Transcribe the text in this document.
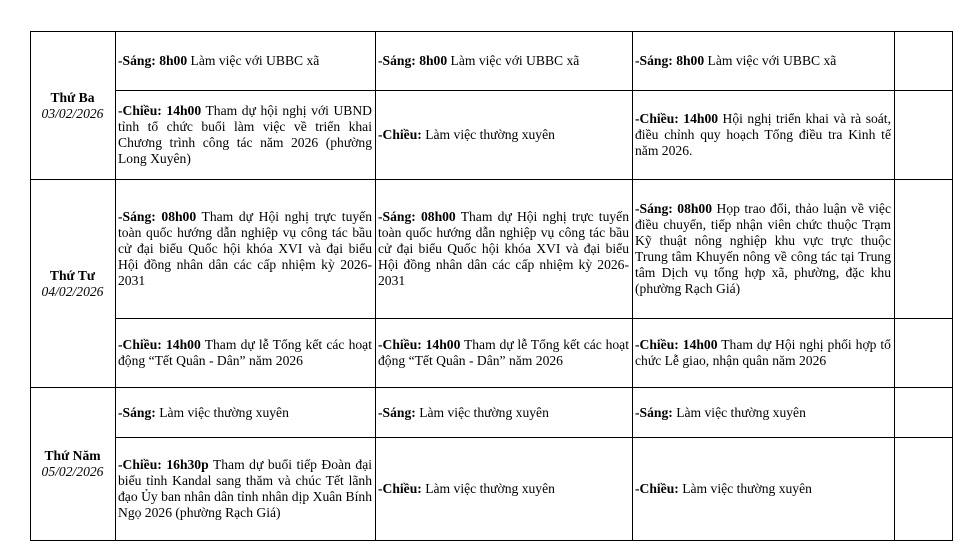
Thứ Ba
03/02/2026	-Sáng: 8h00 Làm việc với UBBC xã	-Sáng: 8h00 Làm việc với UBBC xã	-Sáng: 8h00 Làm việc với UBBC xã	
	-Chiều: 14h00 Tham dự hội nghị với UBND tỉnh tổ chức buổi làm việc về triển khai Chương trình công tác năm 2026 (phường Long Xuyên)	-Chiều: Làm việc thường xuyên	-Chiều: 14h00 Hội nghị triển khai và rà soát, điều chỉnh quy hoạch Tổng điều tra Kinh tế năm 2026.	

Thứ Tư
04/02/2026	-Sáng: 08h00 Tham dự Hội nghị trực tuyến toàn quốc hướng dẫn nghiệp vụ công tác bầu cử đại biểu Quốc hội khóa XVI và đại biểu Hội đồng nhân dân các cấp nhiệm kỳ 2026-2031	-Sáng: 08h00 Tham dự Hội nghị trực tuyến toàn quốc hướng dẫn nghiệp vụ công tác bầu cử đại biểu Quốc hội khóa XVI và đại biểu Hội đồng nhân dân các cấp nhiệm kỳ 2026-2031	-Sáng: 08h00 Họp trao đổi, thảo luận về việc điều chuyển, tiếp nhận viên chức thuộc Trạm Kỹ thuật nông nghiệp khu vực trực thuộc Trung tâm Khuyến nông về công tác tại Trung tâm Dịch vụ tổng hợp xã, phường, đặc khu (phường Rạch Giá)	
	-Chiều: 14h00 Tham dự lễ Tổng kết các hoạt động “Tết Quân - Dân” năm 2026	-Chiều: 14h00 Tham dự lễ Tổng kết các hoạt động “Tết Quân - Dân” năm 2026	-Chiều: 14h00 Tham dự Hội nghị phối hợp tổ chức Lễ giao, nhận quân năm 2026	

Thứ Năm
05/02/2026	-Sáng: Làm việc thường xuyên	-Sáng: Làm việc thường xuyên	-Sáng: Làm việc thường xuyên	
	-Chiều: 16h30p Tham dự buổi tiếp Đoàn đại biểu tỉnh Kandal sang thăm và chúc Tết lãnh đạo Ủy ban nhân dân tỉnh nhân dịp Xuân Bính Ngọ 2026 (phường Rạch Giá)	-Chiều: Làm việc thường xuyên	-Chiều: Làm việc thường xuyên	
